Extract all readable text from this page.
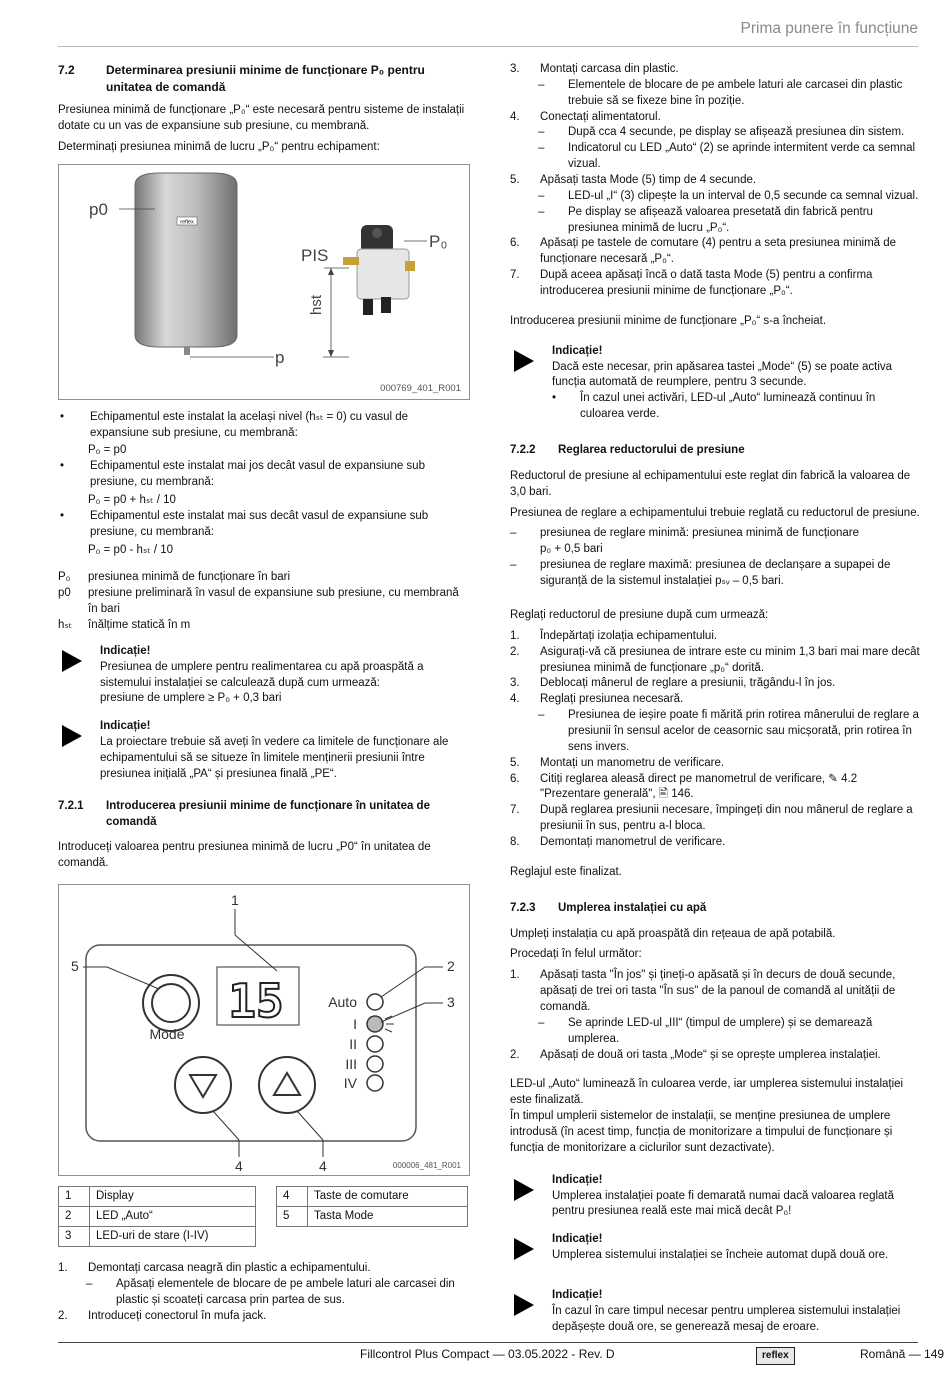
Prima punere în funcțiune
7.2	Determinarea presiunii minime de funcționare P₀ pentru unitatea de comandă

Presiunea minimă de funcționare „P₀“ este necesară pentru sisteme de instalații dotate cu un vas de expansiune sub presiune, cu membrană.

Determinați presiunea minimă de lucru „P₀“ pentru echipament:

reflex
p0
p
PIS
P₀
hst
000769_401_R001
•	Echipamentul este instalat la același nivel (hₛₜ = 0) cu vasul de expansiune sub presiune, cu membrană:
P₀ = p0
•	Echipamentul este instalat mai jos decât vasul de expansiune sub presiune, cu membrană:
P₀ = p0 + hₛₜ / 10
•	Echipamentul este instalat mai sus decât vasul de expansiune sub presiune, cu membrană:
P₀ = p0 - hₛₜ / 10
P₀	presiunea minimă de funcționare în bari
p0	presiune preliminară în vasul de expansiune sub presiune, cu membrană în bari
hₛₜ	înălțime statică în m
Indicație!
Presiunea de umplere pentru realimentarea cu apă proaspătă a sistemului instalației se calculează după cum urmează:
presiune de umplere ≥ P₀ + 0,3 bari
Indicație!
La proiectare trebuie să aveți în vedere ca limitele de funcționare ale echipamentului să se situeze în limitele menținerii presiunii între presiunea inițială „PA“ și presiunea finală „PE“.
7.2.1	Introducerea presiunii minime de funcționare în unitatea de comandă

Introduceți valoarea pentru presiunea minimă de lucru „P0“ în unitatea de comandă.

15
Mode
Auto
I
II
III
IV
1
5	2
3
4	4	000006_481_R001
1	Display
2	LED „Auto“
3	LED-uri de stare (I-IV)
4	Taste de comutare
5	Tasta Mode
1.	Demontați carcasa neagră din plastic a echipamentului.
–	Apăsați elementele de blocare de pe ambele laturi ale carcasei din plastic și scoateți carcasa prin partea de sus.
2.	Introduceți conectorul în mufa jack.
3.	Montați carcasa din plastic.
–	Elementele de blocare de pe ambele laturi ale carcasei din plastic trebuie să se fixeze bine în poziție.
4.	Conectați alimentatorul.
–	După cca 4 secunde, pe display se afișează presiunea din sistem.
–	Indicatorul cu LED „Auto“ (2) se aprinde intermitent verde ca semnal vizual.
5.	Apăsați tasta Mode (5) timp de 4 secunde.
–	LED-ul „I“ (3) clipește la un interval de 0,5 secunde ca semnal vizual.
–	Pe display se afișează valoarea presetată din fabrică pentru presiunea minimă de lucru „P₀“.
6.	Apăsați pe tastele de comutare (4) pentru a seta presiunea minimă de funcționare necesară „P₀“.
7.	După aceea apăsați încă o dată tasta Mode (5) pentru a confirma introducerea presiunii minime de funcționare „P₀“.

Introducerea presiunii minime de funcționare „P₀“ s-a încheiat.

Indicație!
Dacă este necesar, prin apăsarea tastei „Mode“ (5) se poate activa funcția automată de reumplere, pentru 3 secunde.
•	În cazul unei activări, LED-ul „Auto“ luminează continuu în culoarea verde.
7.2.2	Reglarea reductorului de presiune

Reductorul de presiune al echipamentului este reglat din fabrică la valoarea de 3,0 bari.

Presiunea de reglare a echipamentului trebuie reglată cu reductorul de presiune.

–	presiunea de reglare minimă: presiunea minimă de funcționare
p₀ + 0,5 bari
–	presiunea de reglare maximă: presiunea de declanșare a supapei de siguranță de la sistemul instalației pₛᵥ – 0,5 bari.

Reglați reductorul de presiune după cum urmează:

1.	Îndepărtați izolația echipamentului.
2.	Asigurați-vă că presiunea de intrare este cu minim 1,3 bari mai mare decât presiunea minimă de funcționare „p₀“ dorită.
3.	Deblocați mânerul de reglare a presiunii, trăgându-l în jos.
4.	Reglați presiunea necesară.
–	Presiunea de ieșire poate fi mărită prin rotirea mânerului de reglare a presiunii în sensul acelor de ceasornic sau micșorată, prin rotirea în sens invers.
5.	Montați un manometru de verificare.
6.	Citiți reglarea aleasă direct pe manometrul de verificare, ✎ 4.2 "Prezentare generală", 🖹 146.
7.	După reglarea presiunii necesare, împingeți din nou mânerul de reglare a presiunii în sus, pentru a-l bloca.
8.	Demontați manometrul de verificare.

Reglajul este finalizat.

7.2.3	Umplerea instalației cu apă

Umpleți instalația cu apă proaspătă din rețeaua de apă potabilă.

Procedați în felul următor:

1.	Apăsați tasta "În jos" și țineți-o apăsată și în decurs de două secunde, apăsați de trei ori tasta "În sus" de la panoul de comandă al unității de comandă.
–	Se aprinde LED-ul „III“ (timpul de umplere) și se demarează umplerea.
2.	Apăsați de două ori tasta „Mode“ și se oprește umplerea instalației.

LED-ul „Auto“ luminează în culoarea verde, iar umplerea sistemului instalației este finalizată.

În timpul umplerii sistemelor de instalații, se menține presiunea de umplere introdusă (în acest timp, funcția de monitorizare a timpului de funcționare și funcția de monitorizare a ciclurilor sunt dezactivate).

Indicație!
Umplerea instalației poate fi demarată numai dacă valoarea reglată pentru presiunea reală este mai mică decât P₀!
Indicație!
Umplerea sistemului instalației se încheie automat după două ore.
Indicație!
În cazul în care timpul necesar pentru umplerea sistemului instalației depășește două ore, se generează mesaj de eroare.
Fillcontrol Plus Compact — 03.05.2022 - Rev. D	reflex	Română — 149
